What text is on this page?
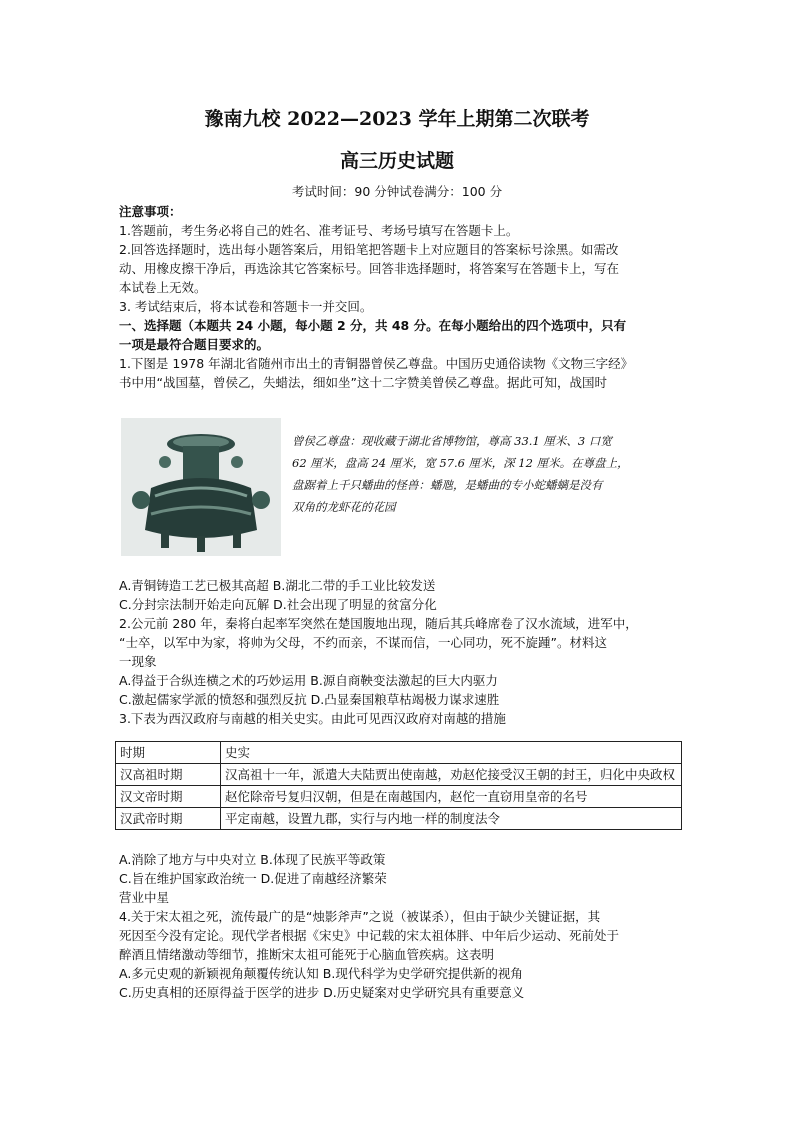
豫南九校 2022—2023 学年上期第二次联考
高三历史试题
考试时间：90 分钟试卷满分：100 分
注意事项：
1.答题前，考生务必将自己的姓名、准考证号、考场号填写在答题卡上。
2.回答选择题时，选出每小题答案后，用铅笔把答题卡上对应题目的答案标号涂黑。如需改
动、用橡皮擦干净后，再选涂其它答案标号。回答非选择题时，将答案写在答题卡上，写在
本试卷上无效。
3. 考试结束后，将本试卷和答题卡一并交回。
一、选择题（本题共 24 小题，每小题 2 分，共 48 分。在每小题给出的四个选项中，只有
一项是最符合题目要求的。
1.下图是 1978 年湖北省随州市出土的青铜器曾侯乙尊盘。中国历史通俗读物《文物三字经》
书中用“战国墓，曾侯乙，失蜡法，细如坐”这十二字赞美曾侯乙尊盘。据此可知，战国时
曾侯乙尊盘：现收藏于湖北省博物馆，尊高 33.1 厘米、3 口宽
62 厘米，盘高 24 厘米，宽 57.6 厘米，深 12 厘米。在尊盘上，
盘踞着上千只蟠曲的怪兽：蟠虺，是蟠曲的专小蛇蟠螭是没有
双角的龙虾花的花园
A.青铜铸造工艺已极其高超 B.湖北二带的手工业比较发送
C.分封宗法制开始走向瓦解 D.社会出现了明显的贫富分化
2.公元前 280 年，秦将白起率军突然在楚国腹地出现，随后其兵峰席卷了汉水流域，进军中，
“士卒，以军中为家，将帅为父母，不约而亲，不谋而信，一心同功，死不旋踵”。材料这
一现象
A.得益于合纵连横之术的巧妙运用 B.源自商鞅变法激起的巨大内驱力
C.激起儒家学派的愤怒和强烈反抗 D.凸显秦国粮草枯竭极力谋求速胜
3.下表为西汉政府与南越的相关史实。由此可见西汉政府对南越的措施
时期	史实
汉高祖时期	汉高祖十一年，派遣大夫陆贾出使南越，劝赵佗接受汉王朝的封王，归化中央政权
汉文帝时期	赵佗除帝号复归汉朝，但是在南越国内，赵佗一直窃用皇帝的名号
汉武帝时期	平定南越，设置九郡，实行与内地一样的制度法令
A.消除了地方与中央对立 B.体现了民族平等政策
C.旨在维护国家政治统一 D.促进了南越经济繁荣
营业中星
4.关于宋太祖之死，流传最广的是“烛影斧声”之说（被谋杀），但由于缺少关键证据，其
死因至今没有定论。现代学者根据《宋史》中记载的宋太祖体胖、中年后少运动、死前处于
醉酒且情绪激动等细节，推断宋太祖可能死于心脑血管疾病。这表明
A.多元史观的新颖视角颠覆传统认知 B.现代科学为史学研究提供新的视角
C.历史真相的还原得益于医学的进步 D.历史疑案对史学研究具有重要意义
